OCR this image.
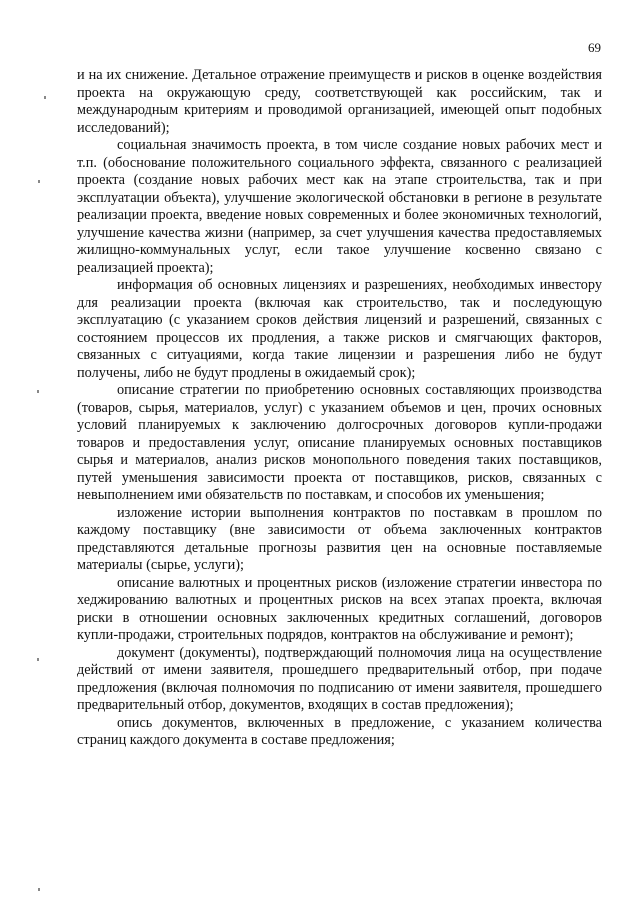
69

и на их снижение. Детальное отражение преимуществ и рисков в оценке воздействия проекта на окружающую среду, соответствующей как российским, так и международным критериям и проводимой организацией, имеющей опыт подобных исследований);

социальная значимость проекта, в том числе создание новых рабочих мест и т.п. (обоснование положительного социального эффекта, связанного с реализацией проекта (создание новых рабочих мест как на этапе строительства, так и при эксплуатации объекта), улучшение экологической обстановки в регионе в результате реализации проекта, введение новых современных и более экономичных технологий, улучшение качества жизни (например, за счет улучшения качества предоставляемых жилищно-коммунальных услуг, если такое улучшение косвенно связано с реализацией проекта);

информация об основных лицензиях и разрешениях, необходимых инвестору для реализации проекта (включая как строительство, так и последующую эксплуатацию (с указанием сроков действия лицензий и разрешений, связанных с состоянием процессов их продления, а также рисков и смягчающих факторов, связанных с ситуациями, когда такие лицензии и разрешения либо не будут получены, либо не будут продлены в ожидаемый срок);

описание стратегии по приобретению основных составляющих производства (товаров, сырья, материалов, услуг) с указанием объемов и цен, прочих основных условий планируемых к заключению долгосрочных договоров купли-продажи товаров и предоставления услуг, описание планируемых основных поставщиков сырья и материалов, анализ рисков монопольного поведения таких поставщиков, путей уменьшения зависимости проекта от поставщиков, рисков, связанных с невыполнением ими обязательств по поставкам, и способов их уменьшения;

изложение истории выполнения контрактов по поставкам в прошлом по каждому поставщику (вне зависимости от объема заключенных контрактов представляются детальные прогнозы развития цен на основные поставляемые материалы (сырье, услуги);

описание валютных и процентных рисков (изложение стратегии инвестора по хеджированию валютных и процентных рисков на всех этапах проекта, включая риски в отношении основных заключенных кредитных соглашений, договоров купли-продажи, строительных подрядов, контрактов на обслуживание и ремонт);

документ (документы), подтверждающий полномочия лица на осуществление действий от имени заявителя, прошедшего предварительный отбор, при подаче предложения (включая полномочия по подписанию от имени заявителя, прошедшего предварительный отбор, документов, входящих в состав предложения);

опись документов, включенных в предложение, с указанием количества страниц каждого документа в составе предложения;
